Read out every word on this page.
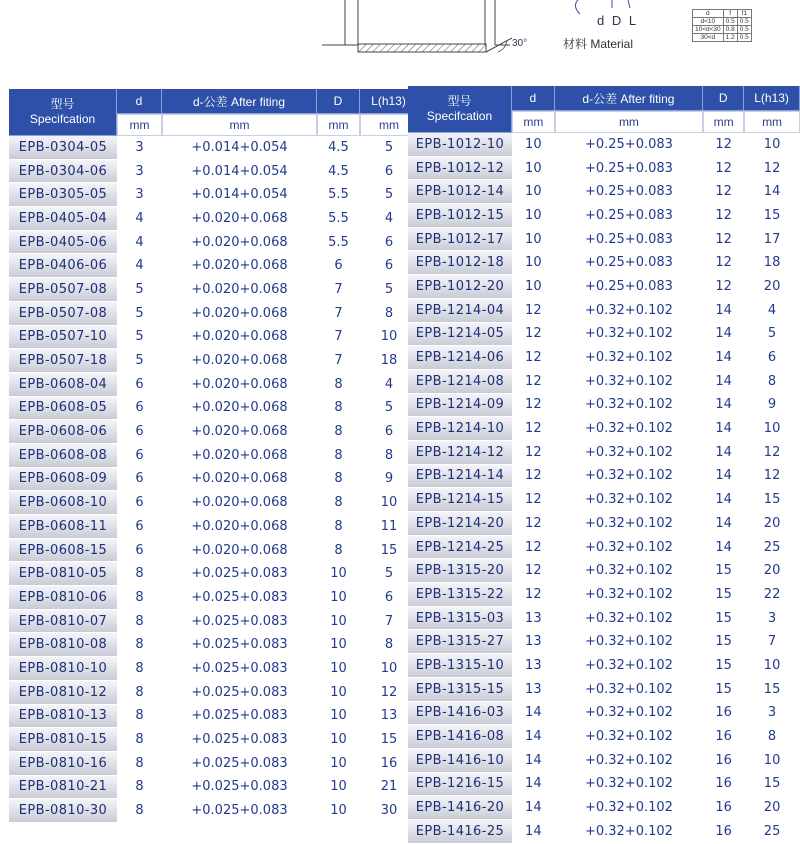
30°
d D L
材料 Material
d	f	f1
d<10	0.5	0.5
10<d<30	0.8	0.5
30<d	1.2	0.5
型号
Specifcation	d	d-公差 After fiting	D	L(h13)
	mm	mm	mm	mm
EPB-0304-05	3	+0.014+0.054	4.5	5
EPB-0304-06	3	+0.014+0.054	4.5	6
EPB-0305-05	3	+0.014+0.054	5.5	5
EPB-0405-04	4	+0.020+0.068	5.5	4
EPB-0405-06	4	+0.020+0.068	5.5	6
EPB-0406-06	4	+0.020+0.068	6	6
EPB-0507-08	5	+0.020+0.068	7	5
EPB-0507-08	5	+0.020+0.068	7	8
EPB-0507-10	5	+0.020+0.068	7	10
EPB-0507-18	5	+0.020+0.068	7	18
EPB-0608-04	6	+0.020+0.068	8	4
EPB-0608-05	6	+0.020+0.068	8	5
EPB-0608-06	6	+0.020+0.068	8	6
EPB-0608-08	6	+0.020+0.068	8	8
EPB-0608-09	6	+0.020+0.068	8	9
EPB-0608-10	6	+0.020+0.068	8	10
EPB-0608-11	6	+0.020+0.068	8	11
EPB-0608-15	6	+0.020+0.068	8	15
EPB-0810-05	8	+0.025+0.083	10	5
EPB-0810-06	8	+0.025+0.083	10	6
EPB-0810-07	8	+0.025+0.083	10	7
EPB-0810-08	8	+0.025+0.083	10	8
EPB-0810-10	8	+0.025+0.083	10	10
EPB-0810-12	8	+0.025+0.083	10	12
EPB-0810-13	8	+0.025+0.083	10	13
EPB-0810-15	8	+0.025+0.083	10	15
EPB-0810-16	8	+0.025+0.083	10	16
EPB-0810-21	8	+0.025+0.083	10	21
EPB-0810-30	8	+0.025+0.083	10	30
型号
Specifcation	d	d-公差 After fiting	D	L(h13)
	mm	mm	mm	mm
EPB-1012-10	10	+0.25+0.083	12	10
EPB-1012-12	10	+0.25+0.083	12	12
EPB-1012-14	10	+0.25+0.083	12	14
EPB-1012-15	10	+0.25+0.083	12	15
EPB-1012-17	10	+0.25+0.083	12	17
EPB-1012-18	10	+0.25+0.083	12	18
EPB-1012-20	10	+0.25+0.083	12	20
EPB-1214-04	12	+0.32+0.102	14	4
EPB-1214-05	12	+0.32+0.102	14	5
EPB-1214-06	12	+0.32+0.102	14	6
EPB-1214-08	12	+0.32+0.102	14	8
EPB-1214-09	12	+0.32+0.102	14	9
EPB-1214-10	12	+0.32+0.102	14	10
EPB-1214-12	12	+0.32+0.102	14	12
EPB-1214-14	12	+0.32+0.102	14	12
EPB-1214-15	12	+0.32+0.102	14	15
EPB-1214-20	12	+0.32+0.102	14	20
EPB-1214-25	12	+0.32+0.102	14	25
EPB-1315-20	12	+0.32+0.102	15	20
EPB-1315-22	12	+0.32+0.102	15	22
EPB-1315-03	13	+0.32+0.102	15	3
EPB-1315-27	13	+0.32+0.102	15	7
EPB-1315-10	13	+0.32+0.102	15	10
EPB-1315-15	13	+0.32+0.102	15	15
EPB-1416-03	14	+0.32+0.102	16	3
EPB-1416-08	14	+0.32+0.102	16	8
EPB-1416-10	14	+0.32+0.102	16	10
EPB-1216-15	14	+0.32+0.102	16	15
EPB-1416-20	14	+0.32+0.102	16	20
EPB-1416-25	14	+0.32+0.102	16	25
